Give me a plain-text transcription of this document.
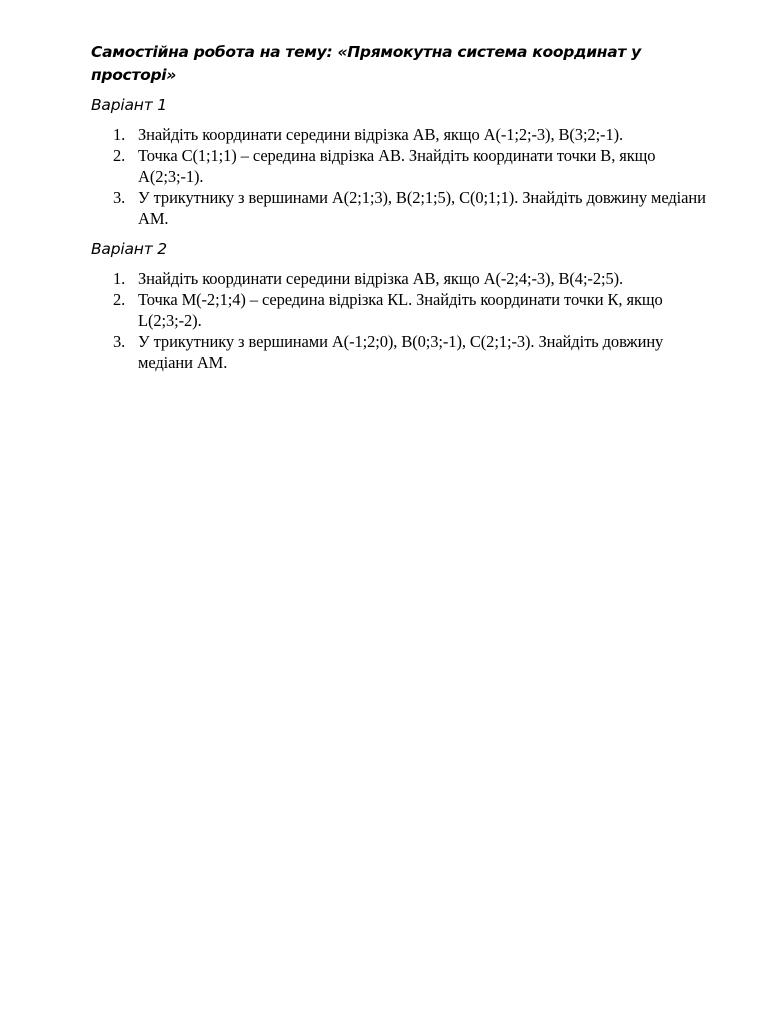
Самостійна робота на тему: «Прямокутна система координат у просторі»

Варіант 1

1. Знайдіть координати середини відрізка АВ, якщо А(-1;2;-3), В(3;2;-1).
2. Точка С(1;1;1) – середина відрізка АВ. Знайдіть координати точки В, якщо А(2;3;-1).
3. У трикутнику з вершинами А(2;1;3), В(2;1;5), С(0;1;1). Знайдіть довжину медіани АМ.

Варіант 2

1. Знайдіть координати середини відрізка АВ, якщо А(-2;4;-3), В(4;-2;5).
2. Точка М(-2;1;4) – середина відрізка КL. Знайдіть координати точки К, якщо L(2;3;-2).
3. У трикутнику з вершинами А(-1;2;0), В(0;3;-1), С(2;1;-3). Знайдіть довжину медіани АМ.
